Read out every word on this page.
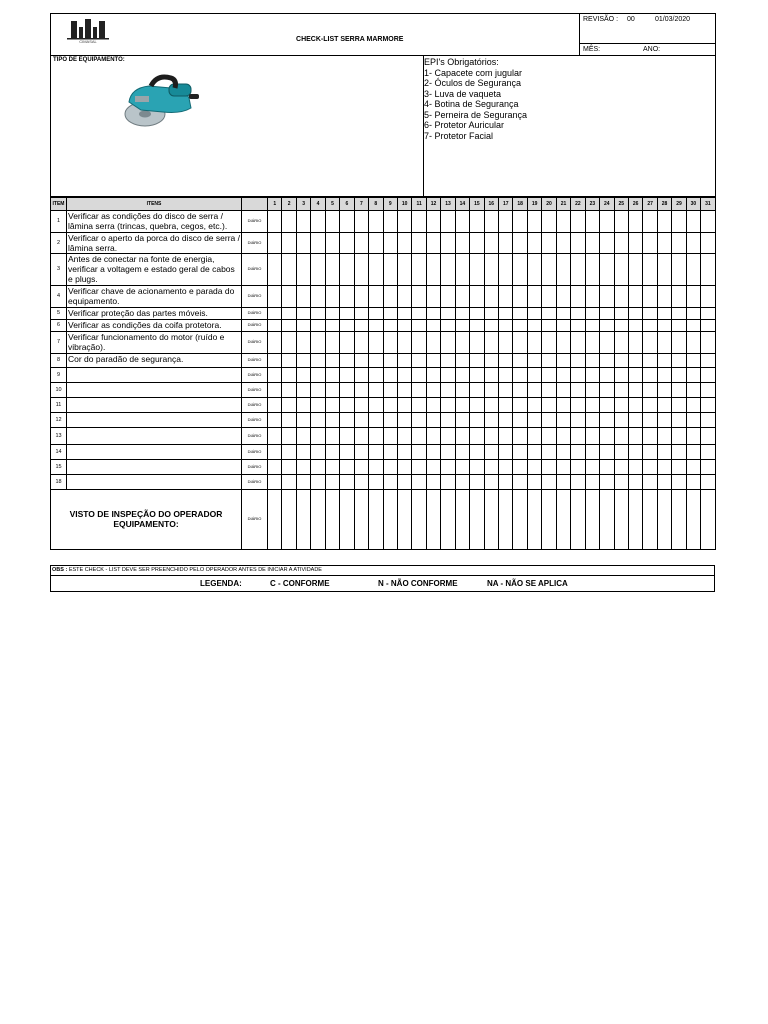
CIMASAL	CHECK-LIST SERRA MARMORE	REVISÃO : 00 01/03/2020

		MÊS: ANO:
TIPO DE EQUIPAMENTO:	EPI's Obrigatórios:
1- Capacete com jugular
2- Óculos de Segurança
3- Luva de vaqueta
4- Botina de Segurança
5- Perneira de Segurança
6- Protetor Auricular
7- Protetor Facial
ITEM	ITENS		1	2	3	4	5	6	7	8	9	10	11	12	13	14	15	16	17	18	19	20	21	22	23	24	25	26	27	28	29	30	31
1	Verificar as condições do disco de serra / lâmina serra (trincas, quebra, cegos, etc.).	DIÁRIO																															
2	Verificar o aperto da porca do disco de serra / lâmina serra.	DIÁRIO																															
3	Antes de conectar na fonte de energia, verificar a voltagem e estado geral de cabos e plugs.	DIÁRIO																															
4	Verificar chave de acionamento e parada do equipamento.	DIÁRIO																															
5	Verificar proteção das partes móveis.	DIÁRIO																															
6	Verificar as condições da coifa protetora.	DIÁRIO																															
7	Verificar funcionamento do motor (ruído e vibração).	DIÁRIO																															
8	Cor do paradão de segurança.	DIÁRIO																															
9		DIÁRIO																															
10		DIÁRIO																															
11		DIÁRIO																															
12		DIÁRIO																															
13		DIÁRIO																															
14		DIÁRIO																															
15		DIÁRIO																															
18		DIÁRIO																															
VISTO DE INSPEÇÃO DO OPERADOR EQUIPAMENTO:		DIÁRIO																															
OBS : ESTE CHECK - LIST DEVE SER PREENCHIDO PELO OPERADOR ANTES DE INICIAR A ATIVIDADE
LEGENDA:	C - CONFORME	N - NÃO CONFORME	NA - NÃO SE APLICA
